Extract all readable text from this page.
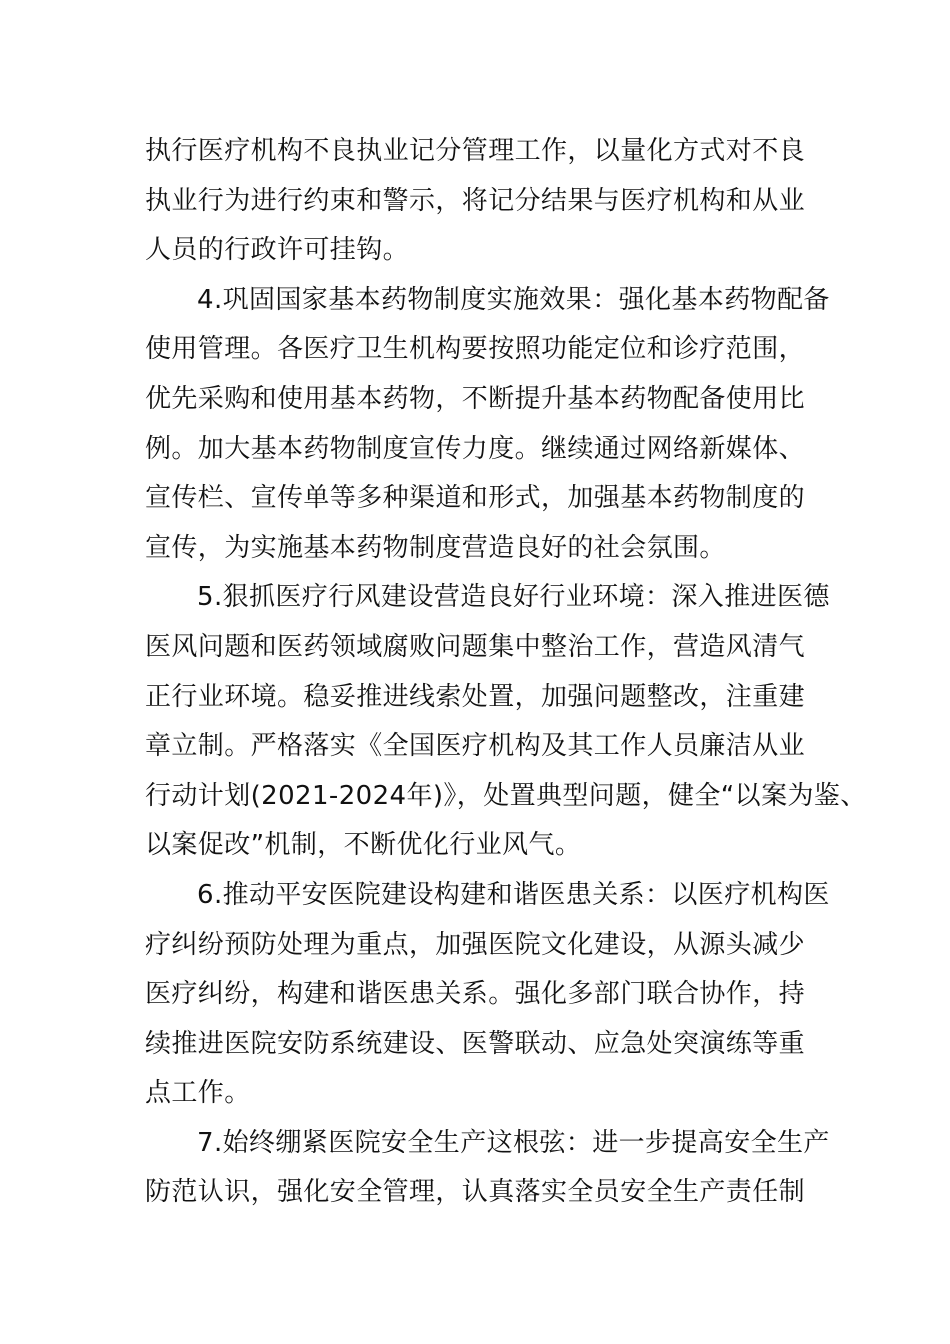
执行医疗机构不良执业记分管理工作，以量化方式对不良
执业行为进行约束和警示，将记分结果与医疗机构和从业
人员的行政许可挂钩。
4.巩固国家基本药物制度实施效果：强化基本药物配备
使用管理。各医疗卫生机构要按照功能定位和诊疗范围，
优先采购和使用基本药物，不断提升基本药物配备使用比
例。加大基本药物制度宣传力度。继续通过网络新媒体、
宣传栏、宣传单等多种渠道和形式，加强基本药物制度的
宣传，为实施基本药物制度营造良好的社会氛围。
5.狠抓医疗行风建设营造良好行业环境：深入推进医德
医风问题和医药领域腐败问题集中整治工作，营造风清气
正行业环境。稳妥推进线索处置，加强问题整改，注重建
章立制。严格落实《全国医疗机构及其工作人员廉洁从业
行动计划(2021-2024年)》，处置典型问题，健全“以案为鉴、
以案促改”机制，不断优化行业风气。
6.推动平安医院建设构建和谐医患关系：以医疗机构医
疗纠纷预防处理为重点，加强医院文化建设，从源头减少
医疗纠纷，构建和谐医患关系。强化多部门联合协作，持
续推进医院安防系统建设、医警联动、应急处突演练等重
点工作。
7.始终绷紧医院安全生产这根弦：进一步提高安全生产
防范认识，强化安全管理，认真落实全员安全生产责任制
